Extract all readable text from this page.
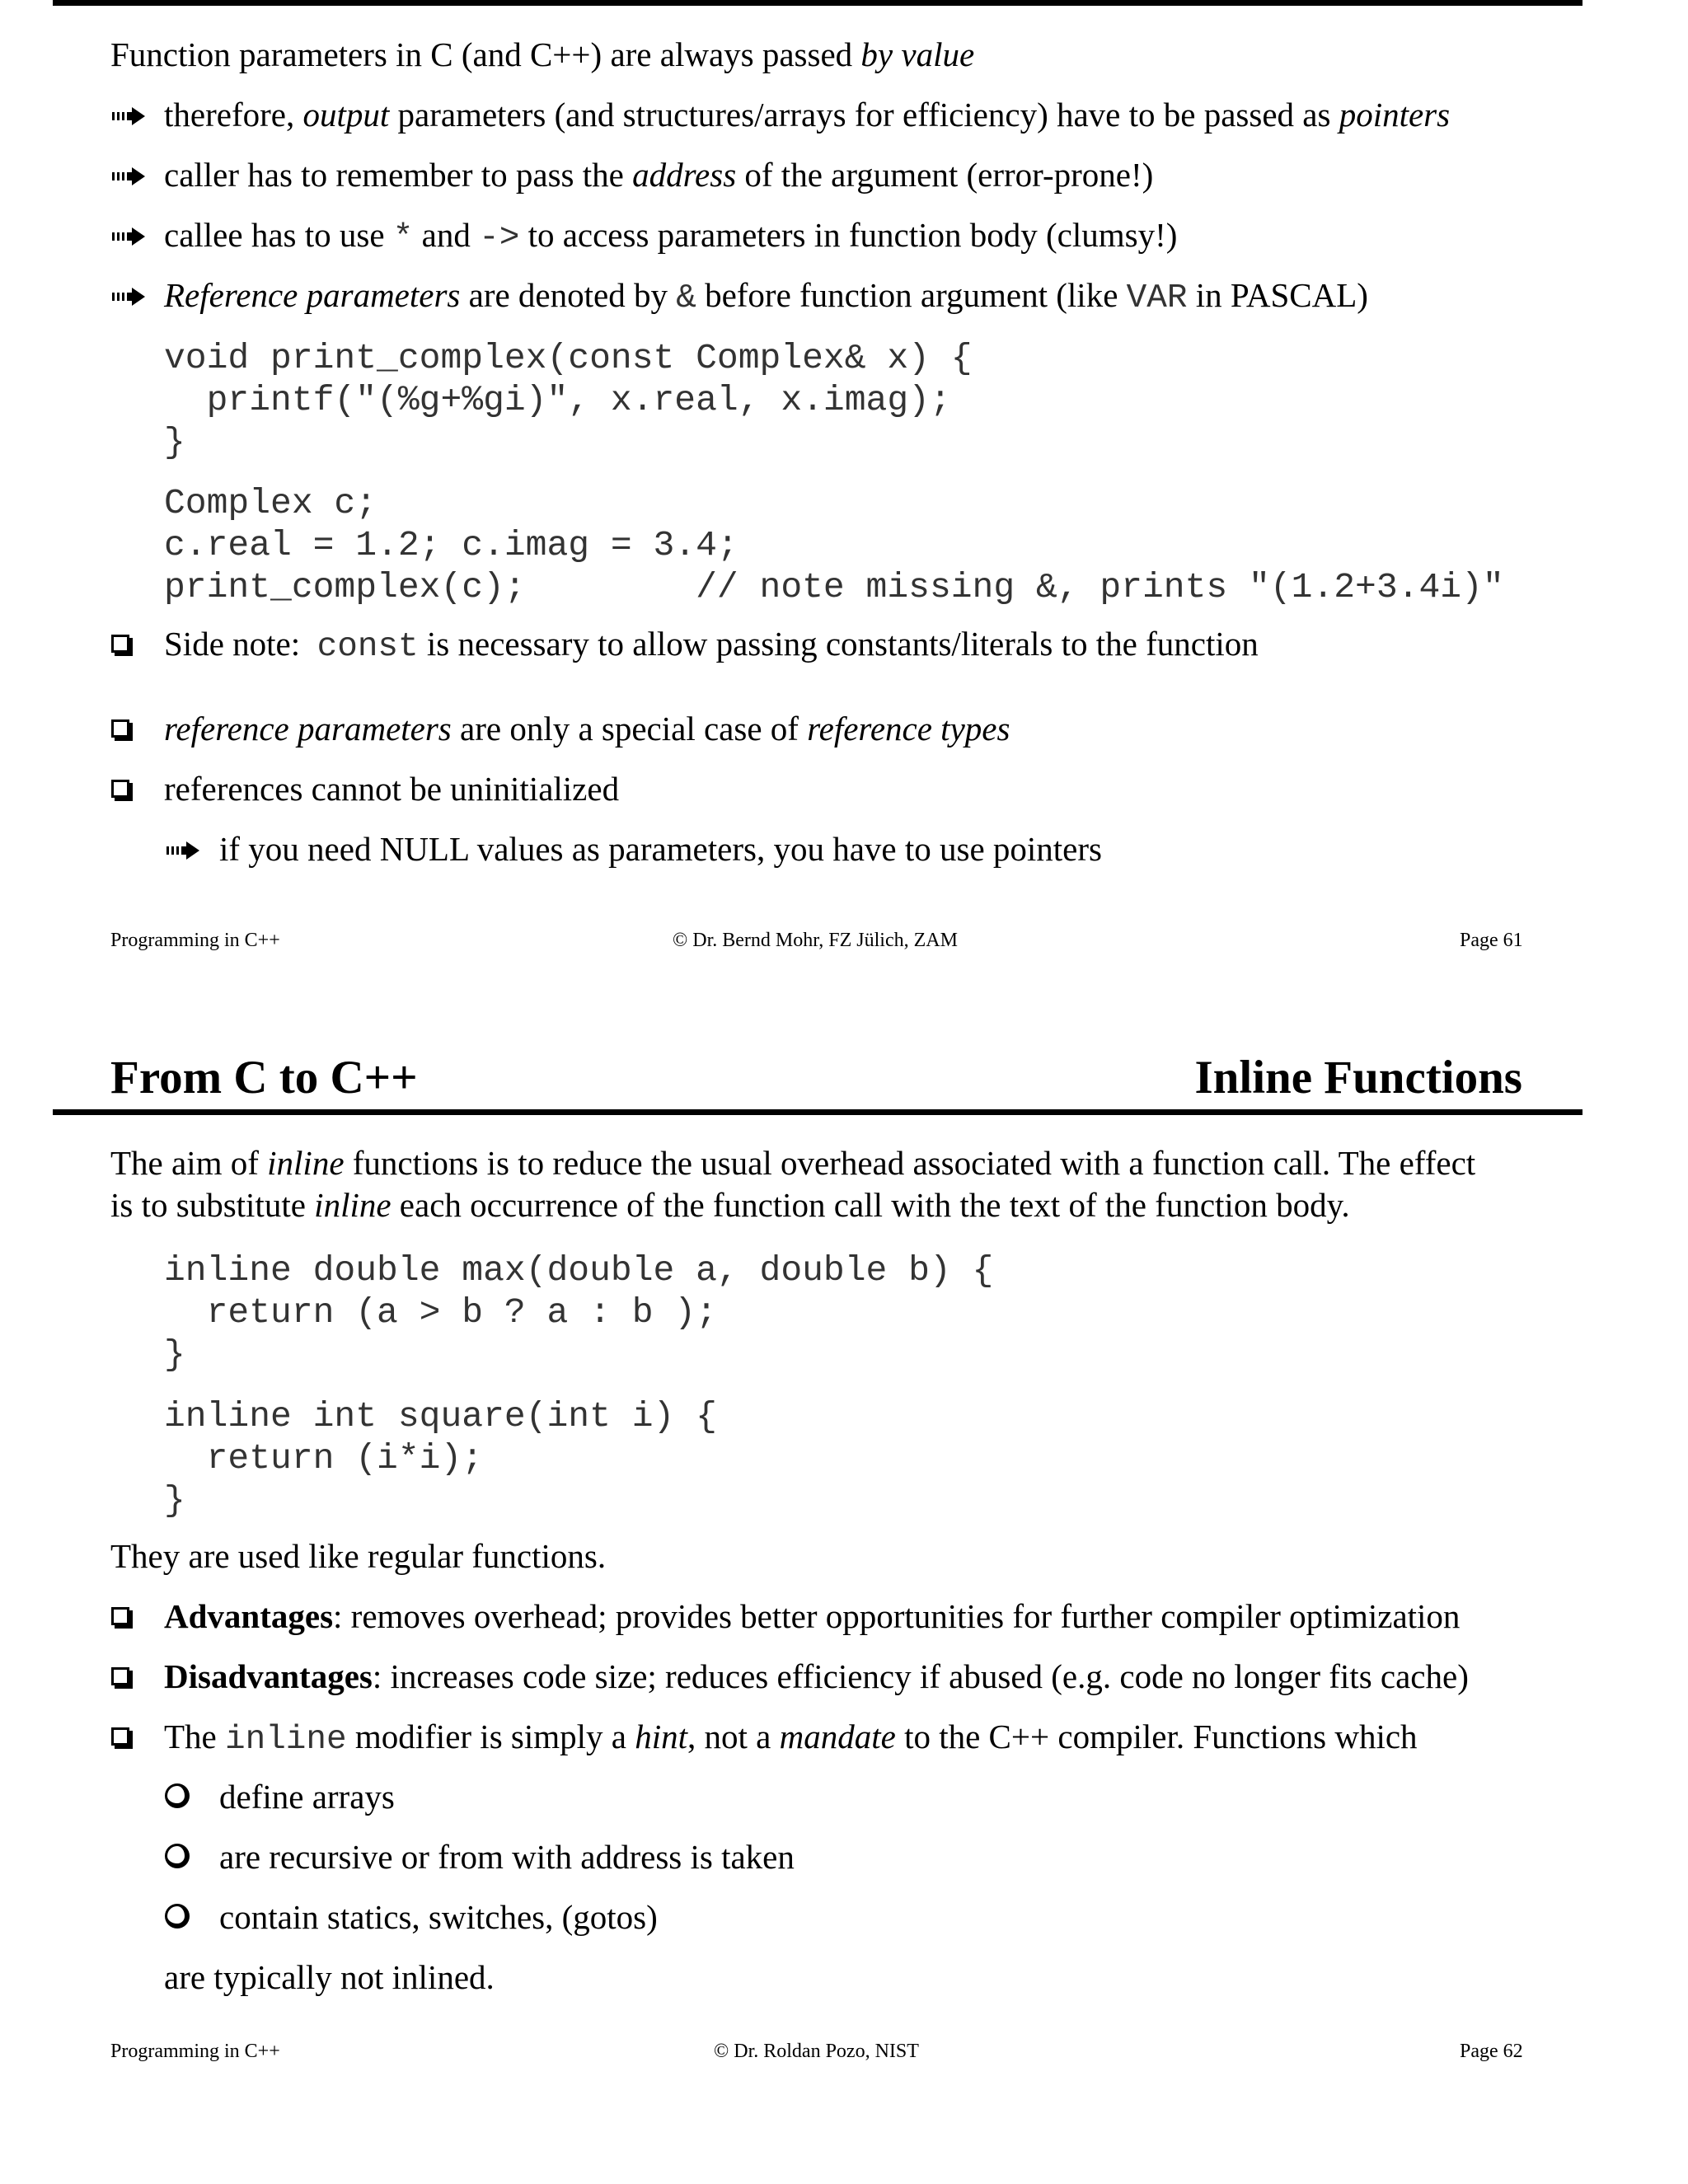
Function parameters in C (and C++) are always passed by value
therefore, output parameters (and structures/arrays for efficiency) have to be passed as pointers
caller has to remember to pass the address of the argument (error-prone!)
callee has to use * and -> to access parameters in function body (clumsy!)
Reference parameters are denoted by & before function argument (like VAR in PASCAL)
void print_complex(const Complex& x) {
printf("(%g+%gi)", x.real, x.imag);
}
Complex c;
c.real = 1.2; c.imag = 3.4;
print_complex(c);        // note missing &, prints "(1.2+3.4i)"
Side note:  const is necessary to allow passing constants/literals to the function
reference parameters are only a special case of reference types
references cannot be uninitialized
if you need NULL values as parameters, you have to use pointers
Programming in C++	© Dr. Bernd Mohr, FZ Jülich, ZAM	Page 61
From C to C++	Inline Functions
The aim of inline functions is to reduce the usual overhead associated with a function call. The effect
is to substitute inline each occurrence of the function call with the text of the function body.
inline double max(double a, double b) {
return (a > b ? a : b );
}
inline int square(int i) {
return (i*i);
}
They are used like regular functions.
Advantages: removes overhead; provides better opportunities for further compiler optimization
Disadvantages: increases code size; reduces efficiency if abused (e.g. code no longer fits cache)
The inline modifier is simply a hint, not a mandate to the C++ compiler. Functions which
define arrays
are recursive or from with address is taken
contain statics, switches, (gotos)
are typically not inlined.
Programming in C++	© Dr. Roldan Pozo, NIST	Page 62
